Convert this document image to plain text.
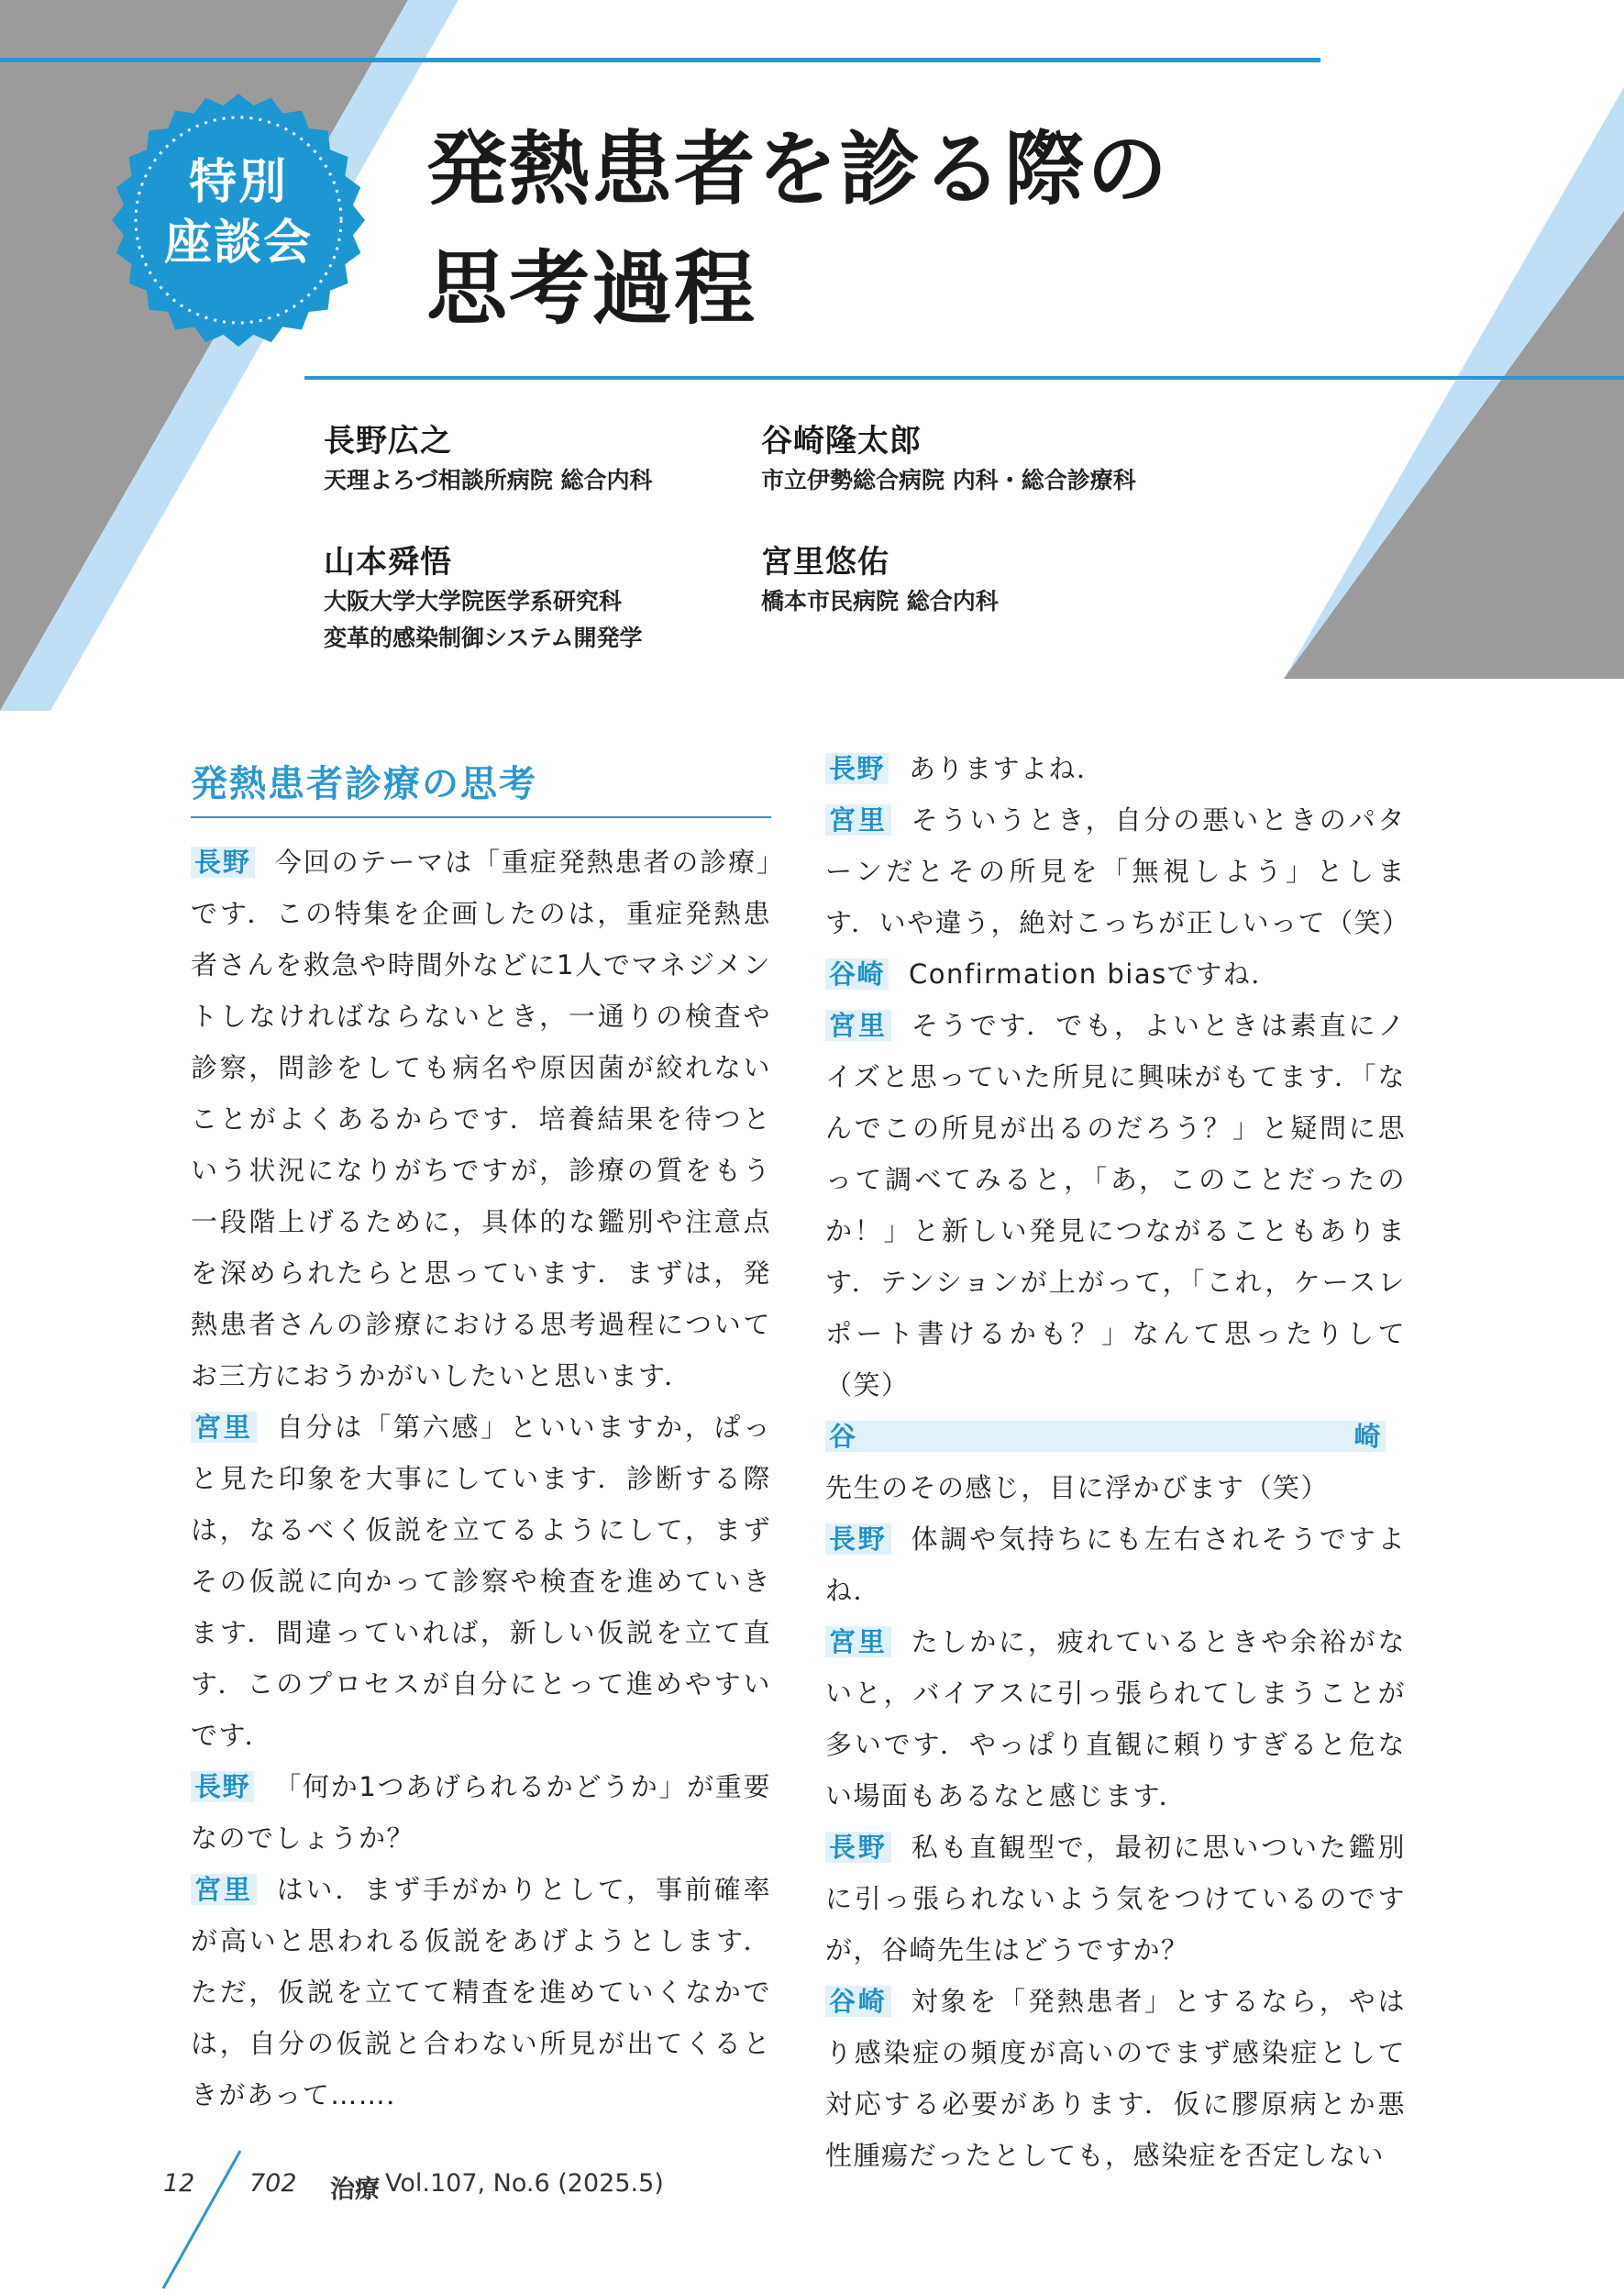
特別
座談会
発熱患者を診る際の
思考過程
長野広之
天理よろづ相談所病院 総合内科
谷崎隆太郎
市立伊勢総合病院 内科・総合診療科
山本舜悟
大阪大学大学院医学系研究科
変革的感染制御システム開発学
宮里悠佑
橋本市民病院 総合内科
発熱患者診療の思考

長野 今回のテーマは「重症発熱患者の診療」です．この特集を企画したのは，重症発熱患者さんを救急や時間外などに1人でマネジメントしなければならないとき，一通りの検査や診察，問診をしても病名や原因菌が絞れないことがよくあるからです．培養結果を待つという状況になりがちですが，診療の質をもう一段階上げるために，具体的な鑑別や注意点を深められたらと思っています．まずは，発熱患者さんの診療における思考過程についてお三方におうかがいしたいと思います．

宮里 自分は「第六感」といいますか，ぱっと見た印象を大事にしています．診断する際は，なるべく仮説を立てるようにして，まずその仮説に向かって診察や検査を進めていきます．間違っていれば，新しい仮説を立て直す．このプロセスが自分にとって進めやすいです．

長野 「何か1つあげられるかどうか」が重要なのでしょうか？

宮里 はい．まず手がかりとして，事前確率が高いと思われる仮説をあげようとします．ただ，仮説を立てて精査を進めていくなかでは，自分の仮説と合わない所見が出てくるときがあって……．

長野 ありますよね．

宮里 そういうとき，自分の悪いときのパターンだとその所見を「無視しよう」とします．いや違う，絶対こっちが正しいって（笑）

谷崎 Confirmation biasですね．

宮里 そうです．でも，よいときは素直にノイズと思っていた所見に興味がもてます．「なんでこの所見が出るのだろう？」と疑問に思って調べてみると，「あ，このことだったのか！」と新しい発見につながることもあります．テンションが上がって，「これ，ケースレポート書けるかも？」なんて思ったりして（笑）

谷崎先生のその感じ，目に浮かびます（笑）

長野 体調や気持ちにも左右されそうですよね．

宮里 たしかに，疲れているときや余裕がないと，バイアスに引っ張られてしまうことが多いです．やっぱり直観に頼りすぎると危ない場面もあるなと感じます．

長野 私も直観型で，最初に思いついた鑑別に引っ張られないよう気をつけているのですが，谷崎先生はどうですか？

谷崎 対象を「発熱患者」とするなら，やはり感染症の頻度が高いのでまず感染症として対応する必要があります．仮に膠原病とか悪性腫瘍だったとしても，感染症を否定しない

12 702 治療 Vol.107, No.6 (2025.5)
